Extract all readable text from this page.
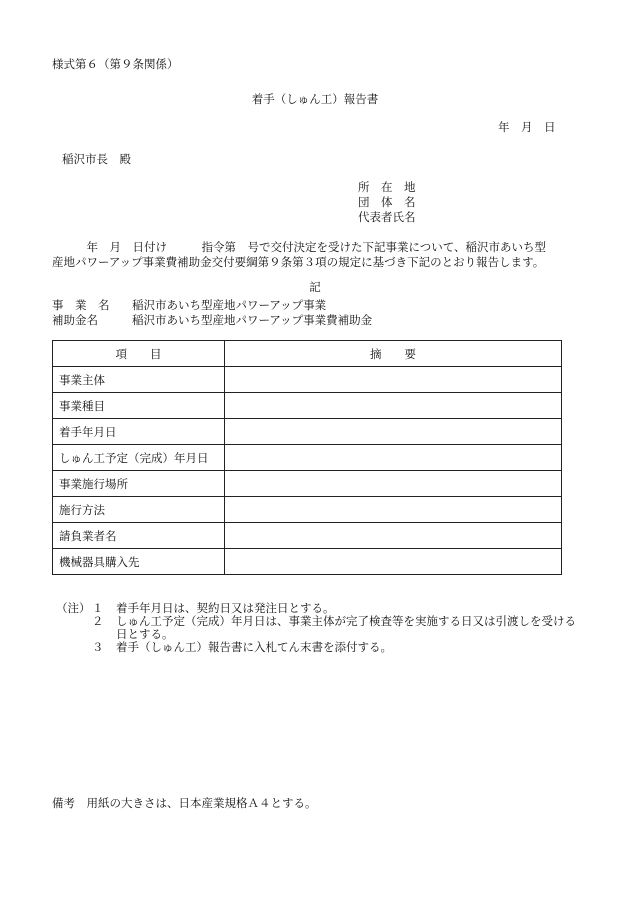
様式第６（第９条関係）
着手（しゅん工）報告書
年　月　日
稲沢市長　殿
所　在　地
団　体　名
代表者氏名

　　　年　月　日付け　　　指令第　号で交付決定を受けた下記事業について、稲沢市あいち型

産地パワーアップ事業費補助金交付要綱第９条第３項の規定に基づき下記のとおり報告します。

記
事　業　名 稲沢市あいち型産地パワーアップ事業
補助金名	稲沢市あいち型産地パワーアップ事業費補助金
項　　目	摘　　要
事業主体	
事業種目	
着手年月日	
しゅん工予定（完成）年月日	
事業施行場所	
施行方法	
請負業者名	
機械器具購入先	
（注） １	着手年月日は、契約日又は発注日とする。
２	しゅん工予定（完成）年月日は、事業主体が完了検査等を実施する日又は引渡しを受ける日とする。
３	着手（しゅん工）報告書に入札てん末書を添付する。
備考　用紙の大きさは、日本産業規格Ａ４とする。
